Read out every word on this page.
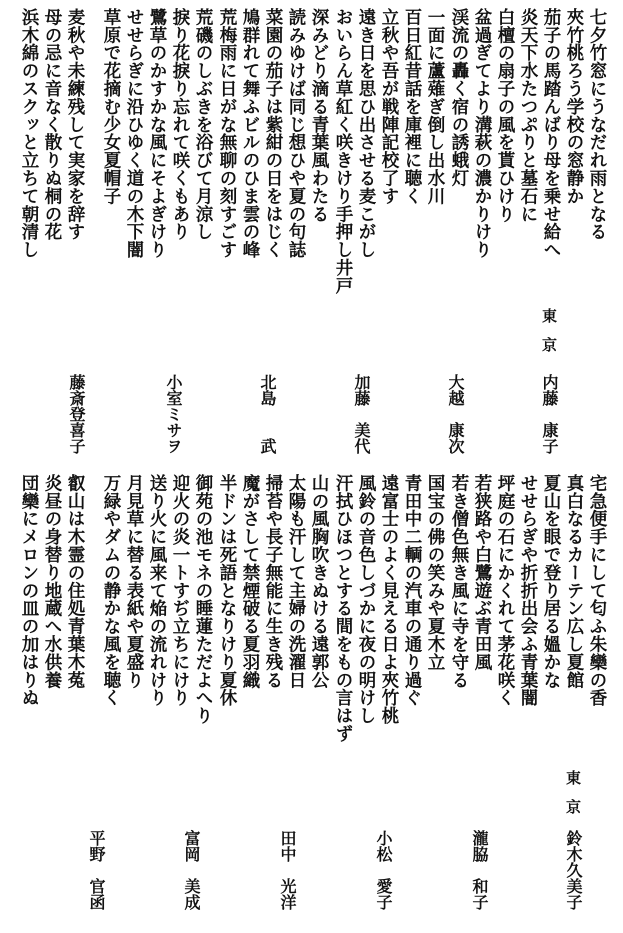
七夕竹窓にうなだれ雨となる
夾竹桃ろう学校の窓静か
茄子の馬踏んばり母を乗せ給へ
炎天下水たつぷりと墓石に
白檀の扇子の風を貰ひけり
盆過ぎてより溝萩の濃かりけり
渓流の轟く宿の誘蛾灯
一面に蘆薙ぎ倒し出水川
百日紅昔話を庫裡に聴く
立秋や吾が戦陣記校了す
遠き日を思ひ出させる麦こがし
おいらん草紅く咲きけり手押し井戸
深みどり滴る青葉風わたる
読みゆけば同じ想ひや夏の句誌
菜園の茄子は紫紺の日をはじく
鳩群れて舞ふビルのひま雲の峰
荒梅雨に日がな無聊の刻すごす
荒磯のしぶきを浴びて月涼し
捩り花捩り忘れて咲くもあり
鷺草のかすかな風にそよぎけり
せせらぎに沿ひゆく道の木下闇
草原で花摘む少女夏帽子
麦秋や未練残して実家を辞す
母の忌に音なく散りぬ桐の花
浜木綿のスクッと立ちて朝清し
東京
内藤　康子
大越　康次
加藤　美代
北島　　武
小室ミサヲ
藤斎登喜子
宅急便手にして匂ふ朱欒の香
真白なるカーテン広し夏館
夏山を眼で登り居る媼かな
せせらぎや折折出会ふ青葉闇
坪庭の石にかくれて茅花咲く
若狭路や白鷺遊ぶ青田風
若き僧色無き風に寺を守る
国宝の佛の笑みや夏木立
青田中二輌の汽車の通り過ぐ
遠富士のよく見える日よ夾竹桃
風鈴の音色しづかに夜の明けし
汗拭ひほつとする間をもの言はず
山の風胸吹きぬける遠郭公
太陽も汗して主婦の洗濯日
掃苔や長子無能に生き残る
魔がさして禁煙破る夏羽織
半ドンは死語となりけり夏休
御苑の池モネの睡蓮ただよへり
迎火の炎一トすぢ立ちにけり
送り火に風来て焔の流れけり
月見草に替る表紙や夏盛り
万緑やダムの静かな風を聴く
叡山は木霊の住処青葉木菟
炎昼の身替り地蔵へ水供養
団欒にメロンの皿の加はりぬ
東京
鈴木久美子
瀧脇　和子
小松　愛子
田中　光洋
富岡　美成
平野　官函
